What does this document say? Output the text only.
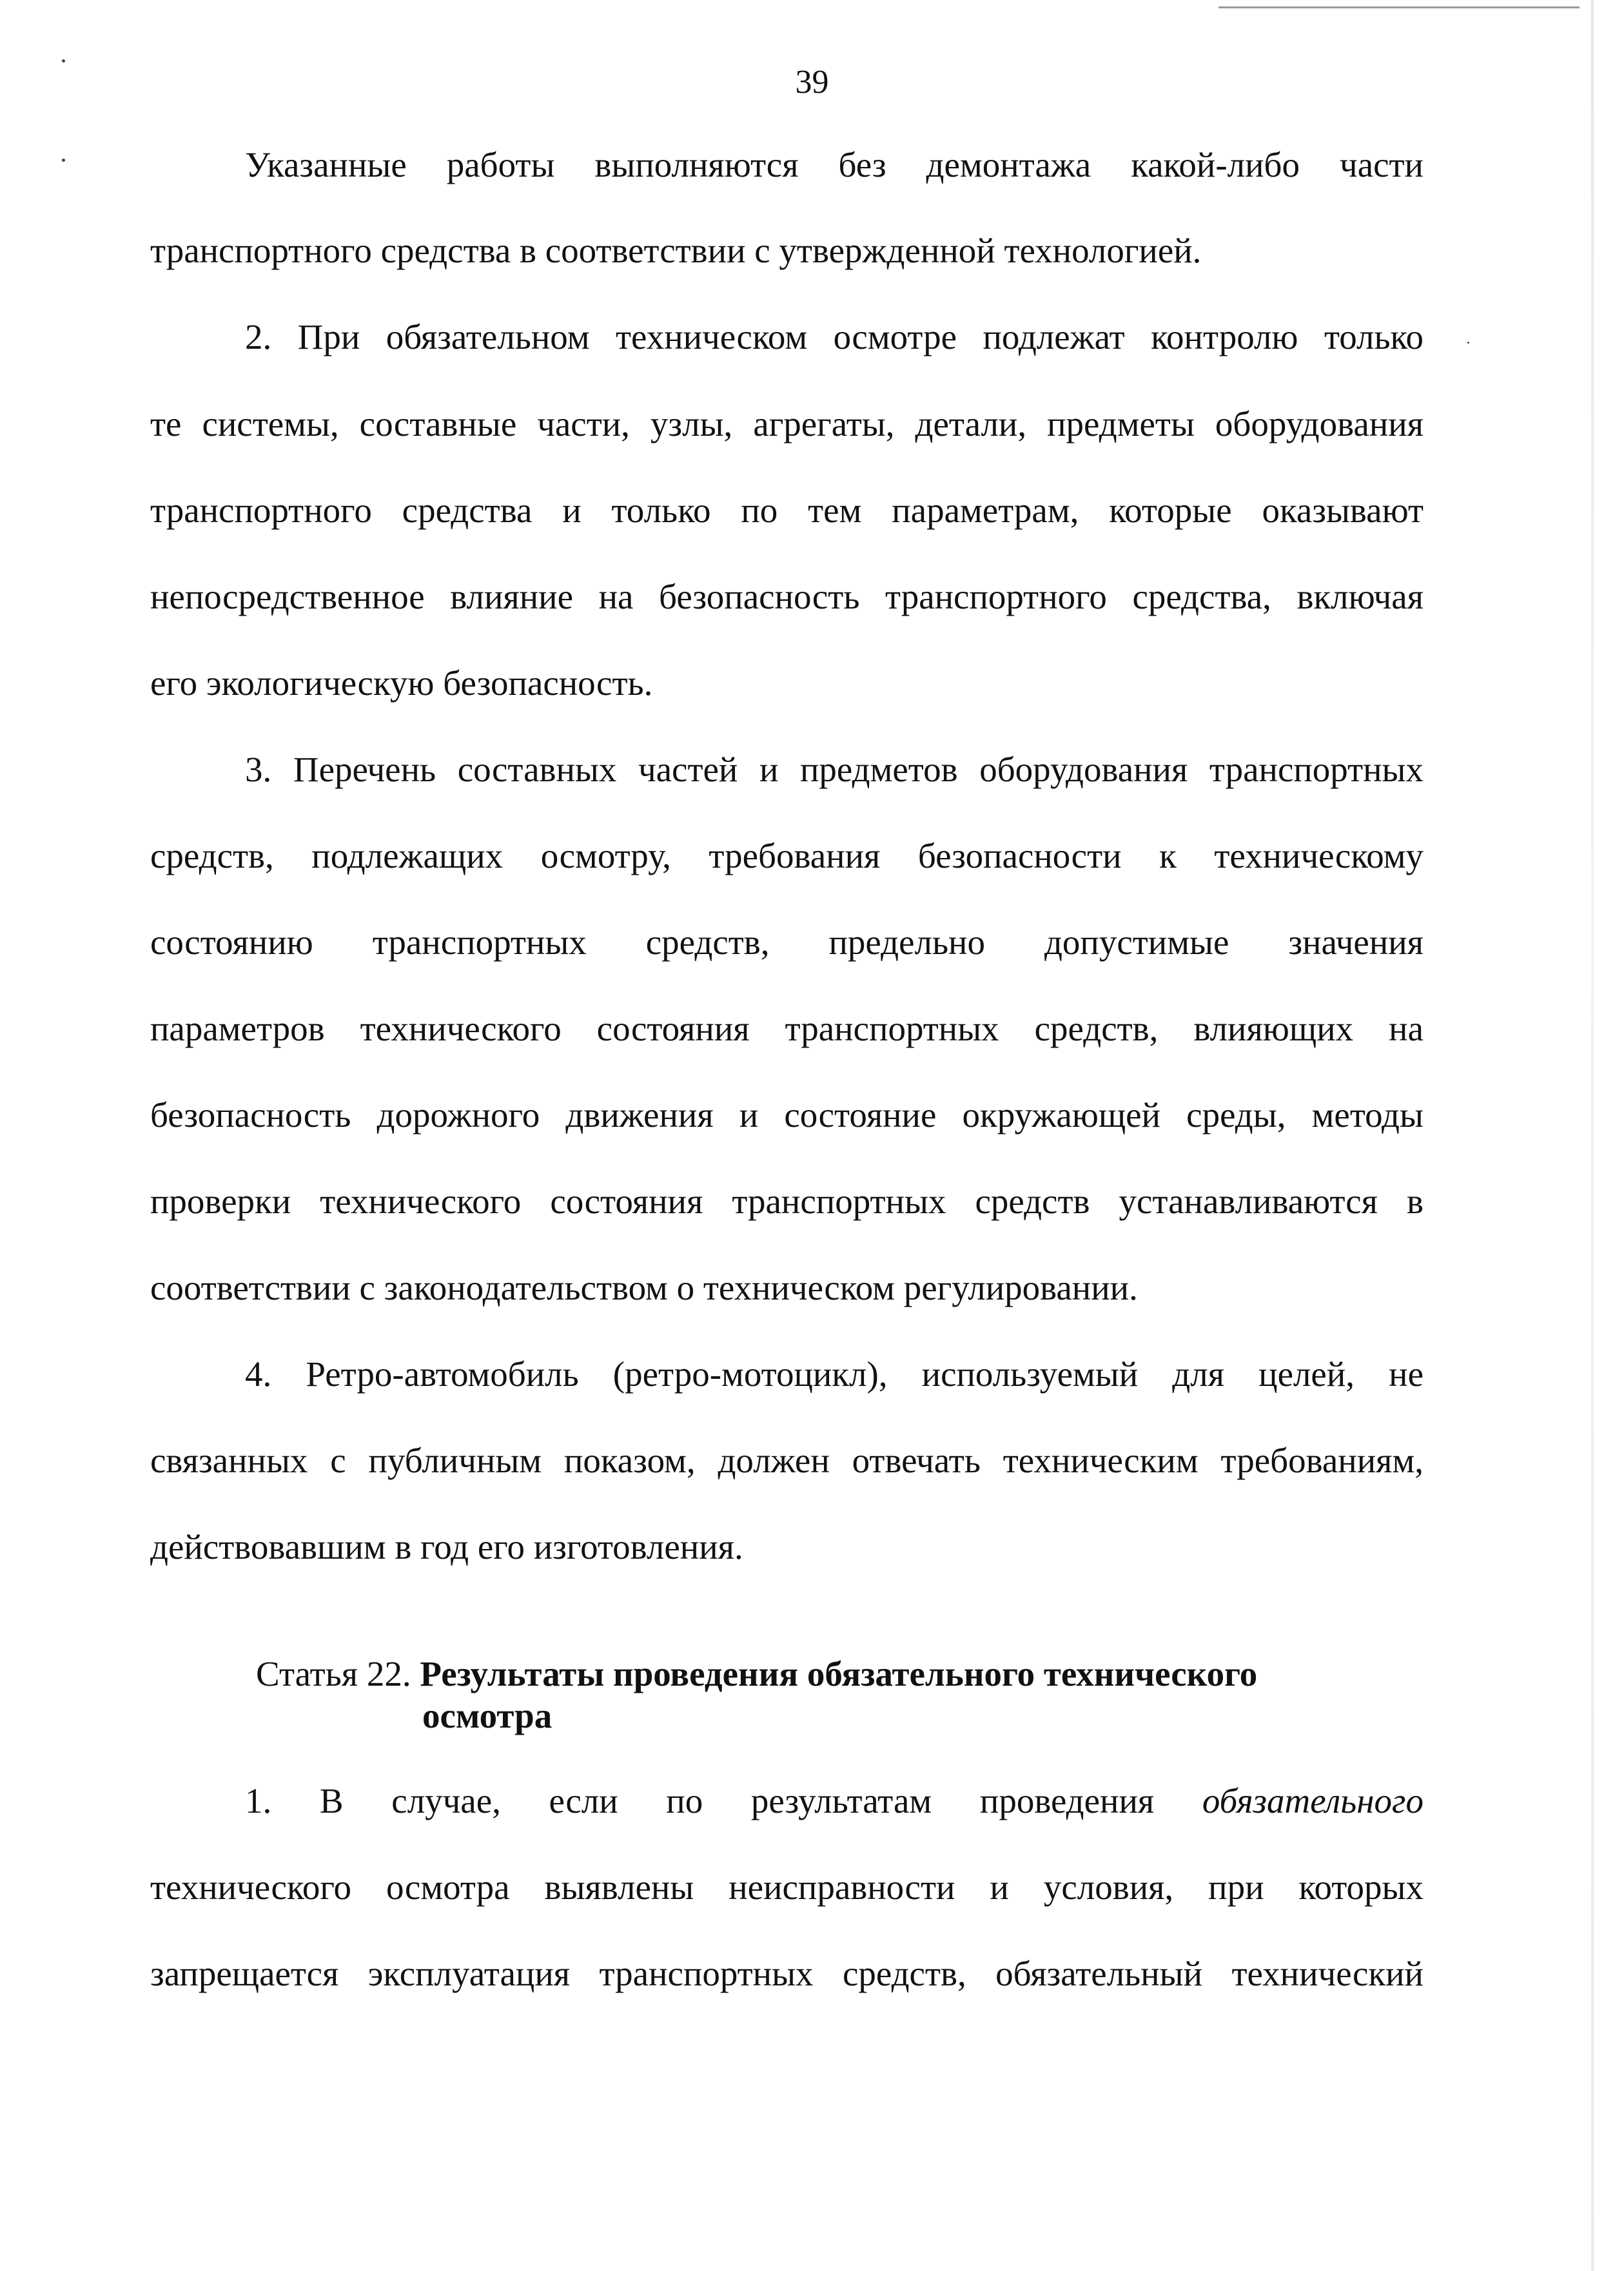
39
Указанные работы выполняются без демонтажа какой-либо части
транспортного средства в соответствии с утвержденной технологией.
2. При обязательном техническом осмотре подлежат контролю только
те системы, составные части, узлы, агрегаты, детали, предметы оборудования
транспортного средства и только по тем параметрам, которые оказывают
непосредственное влияние на безопасность транспортного средства, включая
его экологическую безопасность.
3. Перечень составных частей и предметов оборудования транспортных
средств, подлежащих осмотру, требования безопасности к техническому
состоянию транспортных средств, предельно допустимые значения
параметров технического состояния транспортных средств, влияющих на
безопасность дорожного движения и состояние окружающей среды, методы
проверки технического состояния транспортных средств устанавливаются в
соответствии с законодательством о техническом регулировании.
4. Ретро-автомобиль (ретро-мотоцикл), используемый для целей, не
связанных с публичным показом, должен отвечать техническим требованиям,
действовавшим в год его изготовления.
Статья 22. Результаты проведения обязательного технического
осмотра
1. В случае, если по результатам проведения обязательного
технического осмотра выявлены неисправности и условия, при которых
запрещается эксплуатация транспортных средств, обязательный технический
